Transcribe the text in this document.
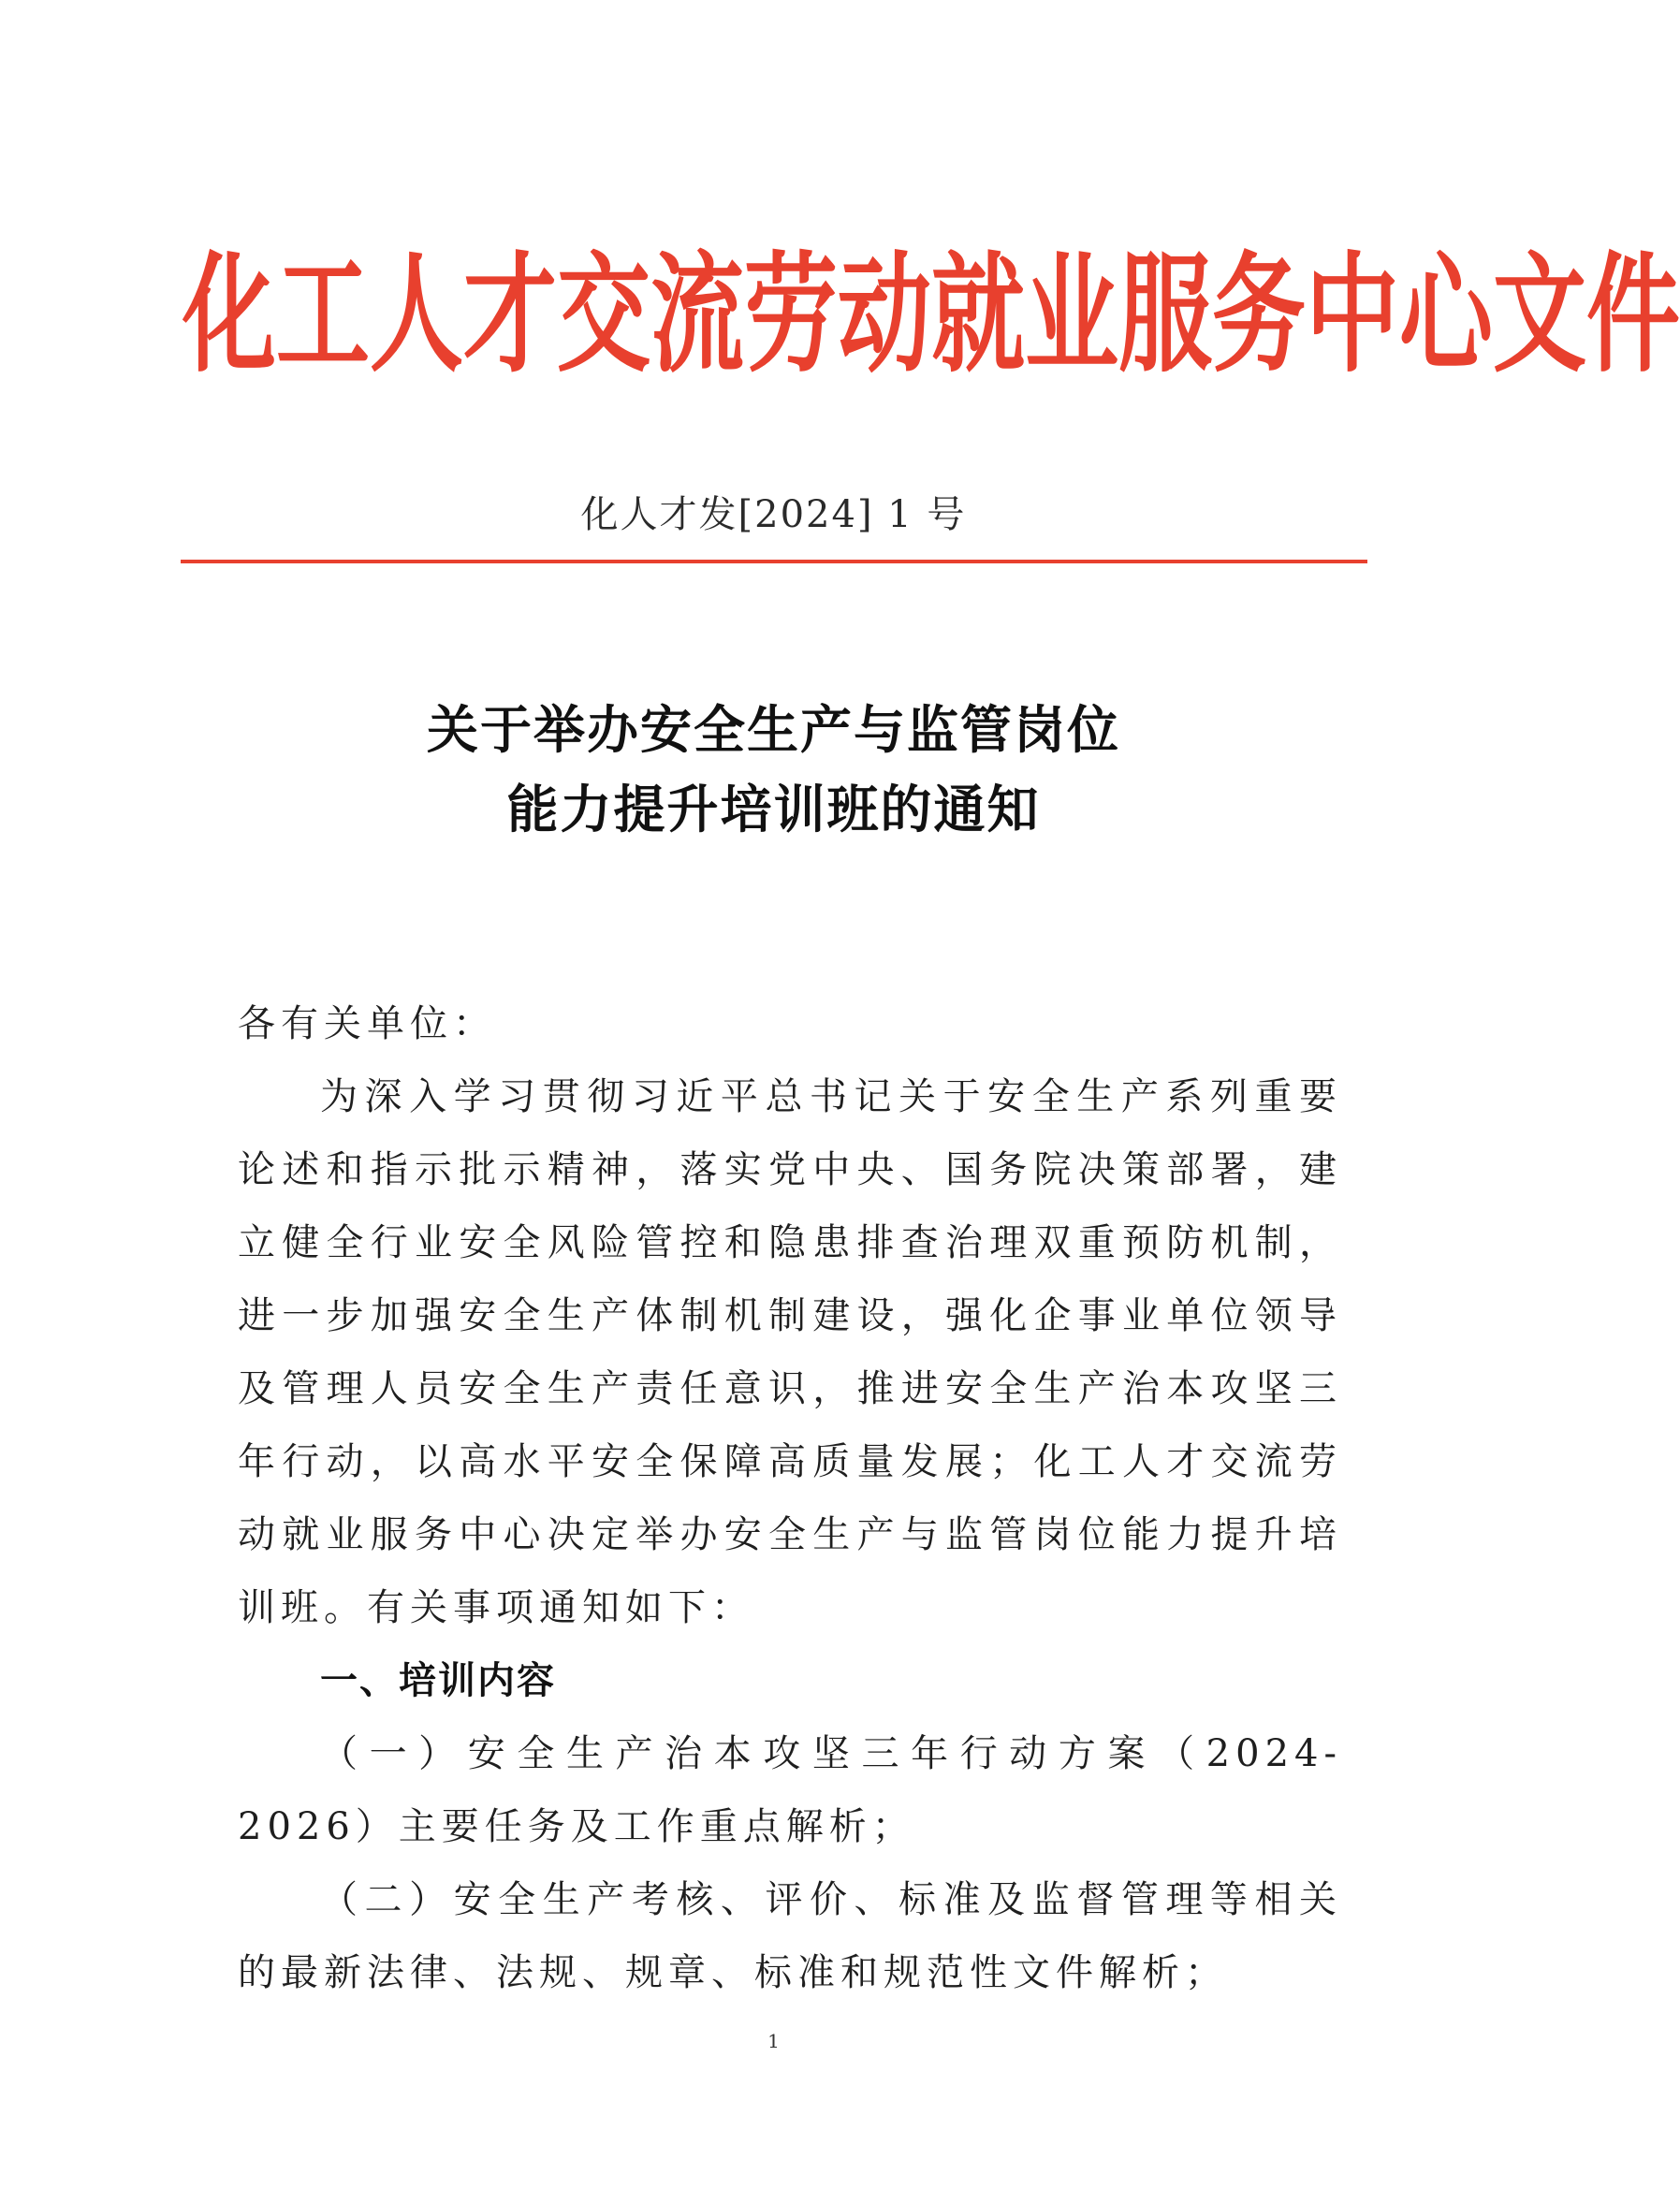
化 工 人 才 交 流 劳 动 就 业 服 务 中 心 文 件
化人才发[2024] 1 号
关于举办安全生产与监管岗位
能力提升培训班的通知

各有关单位：

为深入学习贯彻习近平总书记关于安全生产系列重要论述和指示批示精神，落实党中央、国务院决策部署，建立健全行业安全风险管控和隐患排查治理双重预防机制，进一步加强安全生产体制机制建设，强化企事业单位领导及管理人员安全生产责任意识，推进安全生产治本攻坚三年行动，以高水平安全保障高质量发展；化工人才交流劳动就业服务中心决定举办安全生产与监管岗位能力提升培训班。有关事项通知如下：

一、培训内容

（一）安全生产治本攻坚三年行动方案（2024-2026）主要任务及工作重点解析；

（二）安全生产考核、评价、标准及监督管理等相关的最新法律、法规、规章、标准和规范性文件解析；

1
